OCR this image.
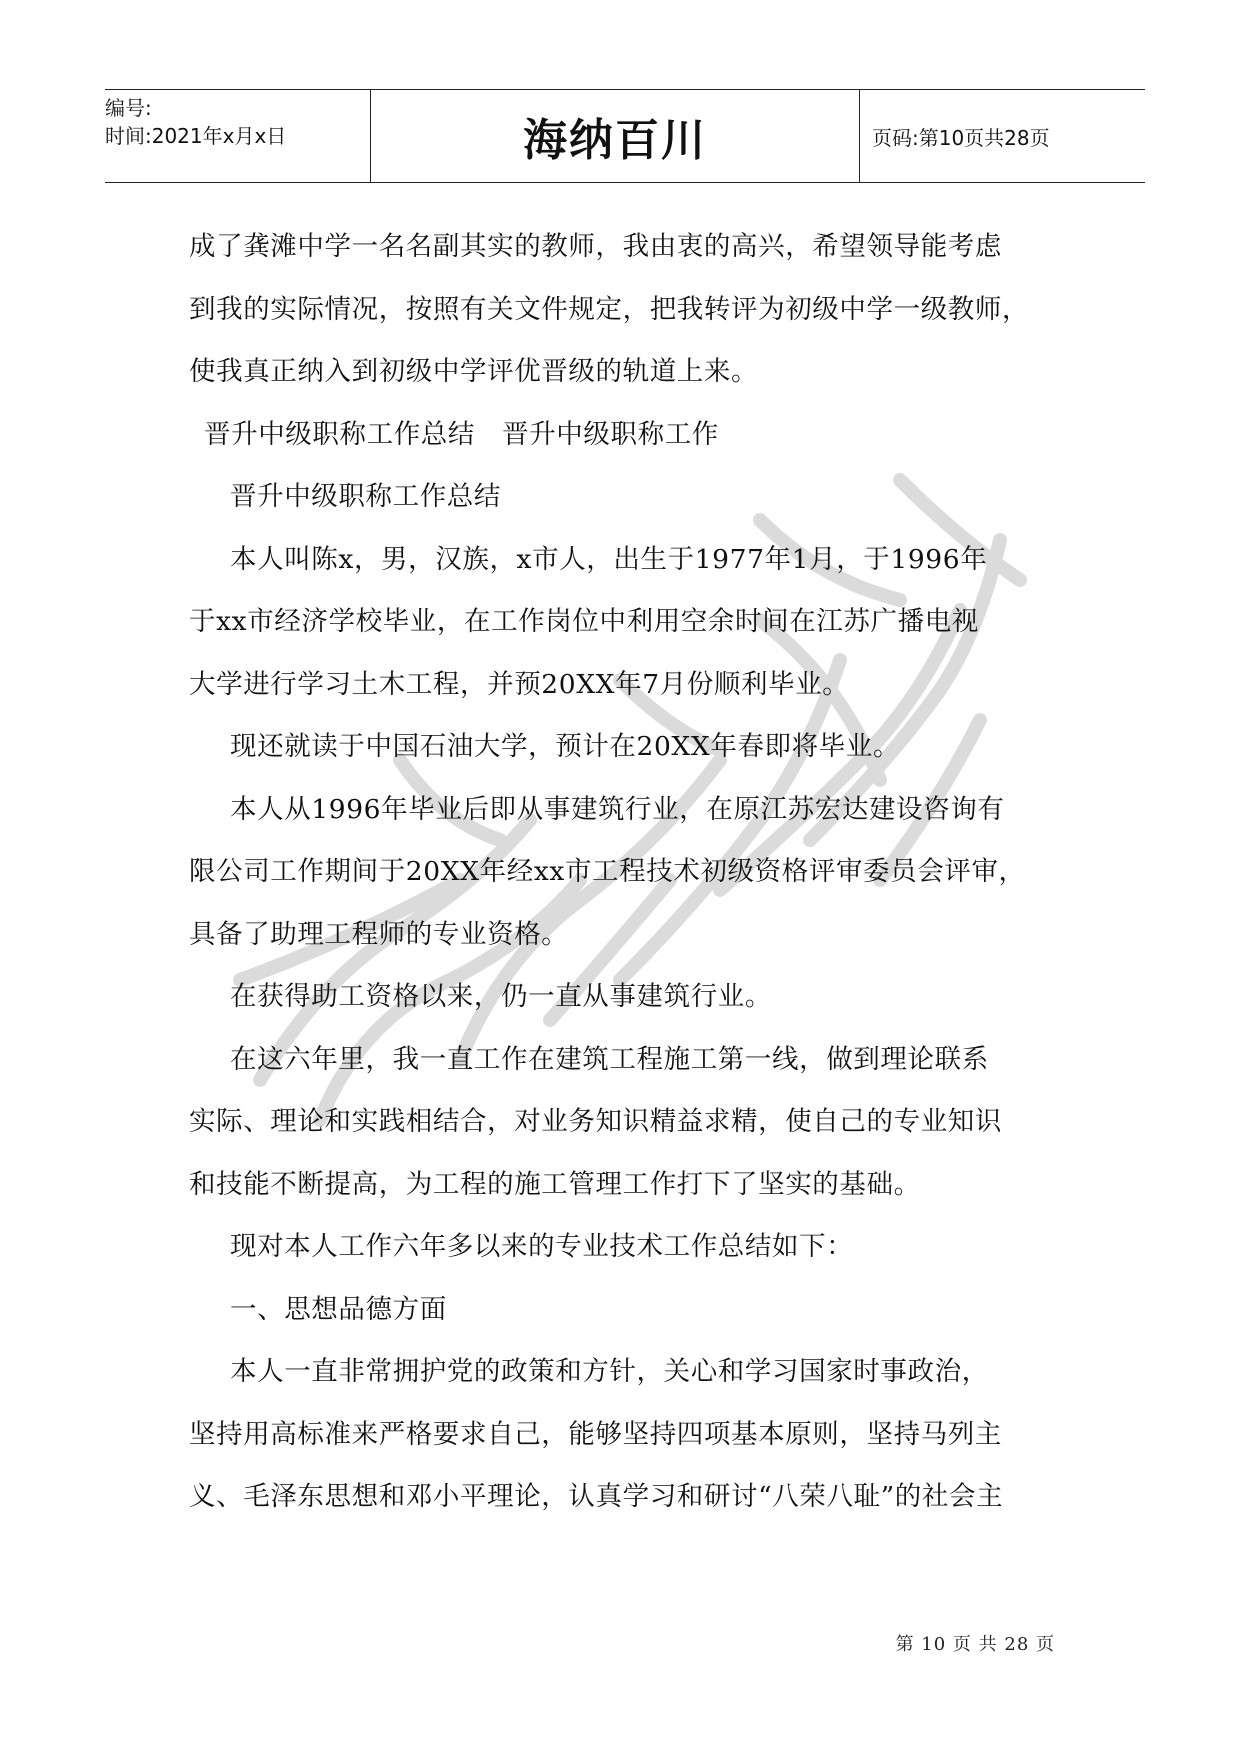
编号:
时间:2021年x月x日	海纳百川	页码:第10页共28页

成了龚滩中学一名名副其实的教师，我由衷的高兴，希望领导能考虑

到我的实际情况，按照有关文件规定，把我转评为初级中学一级教师，

使我真正纳入到初级中学评优晋级的轨道上来。

晋升中级职称工作总结　晋升中级职称工作

晋升中级职称工作总结

本人叫陈x，男，汉族，x市人，出生于1977年1月，于1996年

于xx市经济学校毕业，在工作岗位中利用空余时间在江苏广播电视

大学进行学习土木工程，并预20XX年7月份顺利毕业。

现还就读于中国石油大学，预计在20XX年春即将毕业。

本人从1996年毕业后即从事建筑行业，在原江苏宏达建设咨询有

限公司工作期间于20XX年经xx市工程技术初级资格评审委员会评审，

具备了助理工程师的专业资格。

在获得助工资格以来，仍一直从事建筑行业。

在这六年里，我一直工作在建筑工程施工第一线，做到理论联系

实际、理论和实践相结合，对业务知识精益求精，使自己的专业知识

和技能不断提高，为工程的施工管理工作打下了坚实的基础。

现对本人工作六年多以来的专业技术工作总结如下：

一、思想品德方面

本人一直非常拥护党的政策和方针，关心和学习国家时事政治，

坚持用高标准来严格要求自己，能够坚持四项基本原则，坚持马列主

义、毛泽东思想和邓小平理论，认真学习和研讨“八荣八耻”的社会主

第 10 页 共 28 页
